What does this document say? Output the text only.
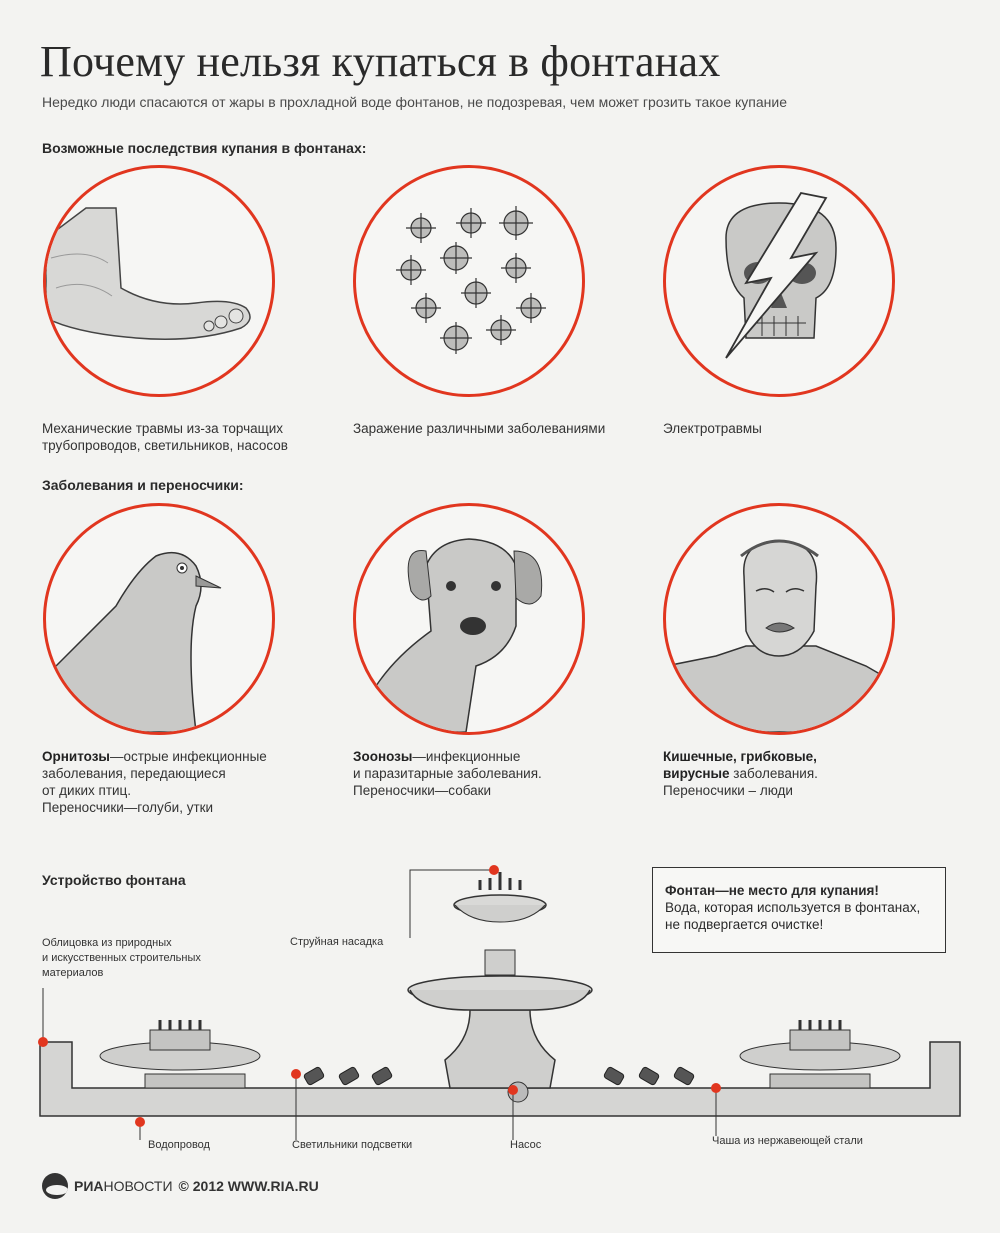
Почему нельзя купаться в фонтанах
Нередко люди спасаются от жары в прохладной воде фонтанов, не подозревая, чем может грозить такое купание
Возможные последствия купания в фонтанах:
Механические травмы из-за торчащих
трубопроводов, светильников, насосов
Заражение различными заболеваниями	Электротравмы
Заболевания и переносчики:
Орнитозы—острые инфекционные
заболевания, передающиеся
от диких птиц.
Переносчики—голуби, утки
Зоонозы—инфекционные
и паразитарные заболевания.
Переносчики—собаки
Кишечные, грибковые,
вирусные заболевания.
Переносчики – люди
Устройство фонтана
Фонтан—не место для купания!
Вода, которая используется в фонтанах,
не подвергается очистке!
Облицовка из природных
и искусственных строительных
материалов
Струйная насадка
Водопровод	Светильники подсветки	Насос	Чаша из нержавеющей стали
РИАНОВОСТИ © 2012 WWW.RIA.RU
